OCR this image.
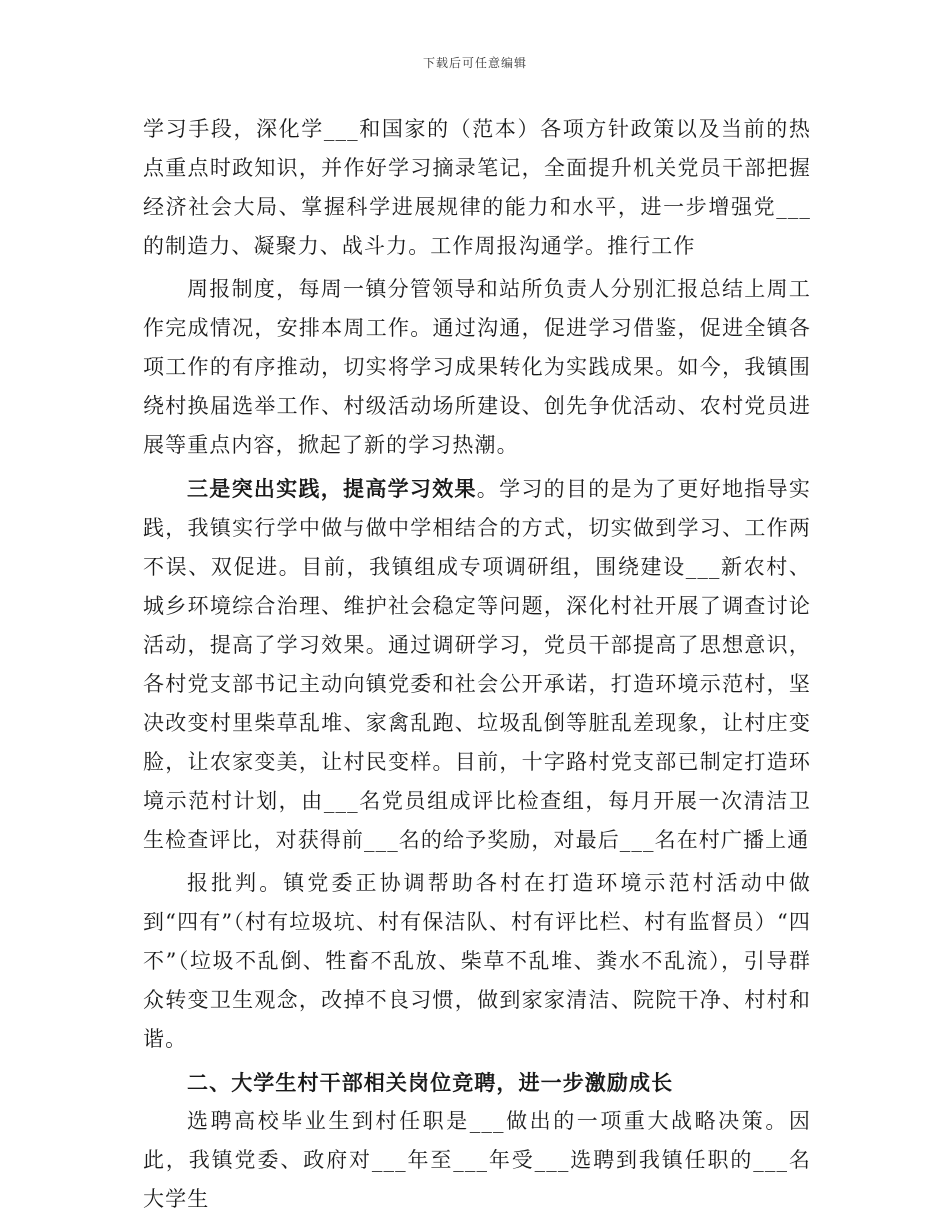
下载后可任意编辑

学习手段，深化学___和国家的（范本）各项方针政策以及当前的热点重点时政知识，并作好学习摘录笔记，全面提升机关党员干部把握经济社会大局、掌握科学进展规律的能力和水平，进一步增强党___的制造力、凝聚力、战斗力。工作周报沟通学。推行工作

周报制度，每周一镇分管领导和站所负责人分别汇报总结上周工作完成情况，安排本周工作。通过沟通，促进学习借鉴，促进全镇各项工作的有序推动，切实将学习成果转化为实践成果。如今，我镇围绕村换届选举工作、村级活动场所建设、创先争优活动、农村党员进展等重点内容，掀起了新的学习热潮。

三是突出实践，提高学习效果。学习的目的是为了更好地指导实践，我镇实行学中做与做中学相结合的方式，切实做到学习、工作两不误、双促进。目前，我镇组成专项调研组，围绕建设___新农村、城乡环境综合治理、维护社会稳定等问题，深化村社开展了调查讨论活动，提高了学习效果。通过调研学习，党员干部提高了思想意识，各村党支部书记主动向镇党委和社会公开承诺，打造环境示范村，坚决改变村里柴草乱堆、家禽乱跑、垃圾乱倒等脏乱差现象，让村庄变脸，让农家变美，让村民变样。目前，十字路村党支部已制定打造环境示范村计划，由___名党员组成评比检查组，每月开展一次清洁卫生检查评比，对获得前___名的给予奖励，对最后___名在村广播上通

报批判。镇党委正协调帮助各村在打造环境示范村活动中做到“四有”（村有垃圾坑、村有保洁队、村有评比栏、村有监督员）“四不”（垃圾不乱倒、牲畜不乱放、柴草不乱堆、粪水不乱流），引导群众转变卫生观念，改掉不良习惯，做到家家清洁、院院干净、村村和谐。

二、大学生村干部相关岗位竞聘，进一步激励成长

选聘高校毕业生到村任职是___做出的一项重大战略决策。因此，我镇党委、政府对___年至___年受___选聘到我镇任职的___名大学生
